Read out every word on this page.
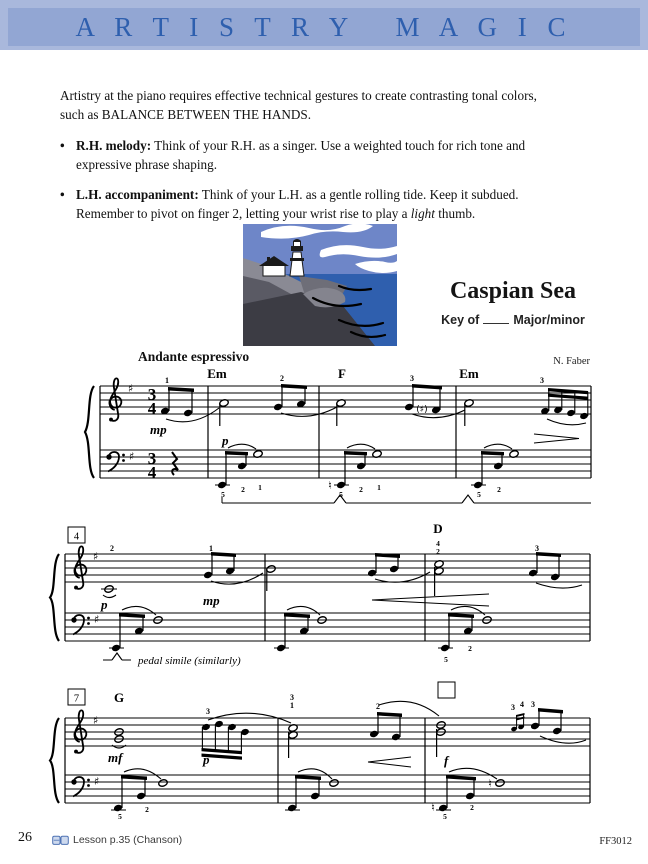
A R T I S T R Y   M A G I C

Artistry at the piano requires effective technical gestures to create contrasting tonal colors, such as BALANCE BETWEEN THE HANDS.

• R.H. melody: Think of your R.H. as a singer. Use a weighted touch for rich tone and expressive phrase shaping.
• L.H. accompaniment: Think of your L.H. as a gentle rolling tide. Keep it subdued. Remember to pivot on finger 2, letting your wrist rise to play a light thumb.
Caspian Sea
Key of	Major/minor
Andante espressivo	N. Faber
♯
♯
3
4
3
4
Em	F	Em
1	2	3	3
(♯)
♮
mp
p
5
2 1
5
2 1
5
2
♯
♯
4
D
4
2
2	1	3
p	mp
pedal simile (similarly)	5
2
♯
♯
7	G
3
3
1	2	3 4 3
mf	p	f
♮
♮
5
2
5
2
26	Lesson p.35 (Chanson)	FF3012
